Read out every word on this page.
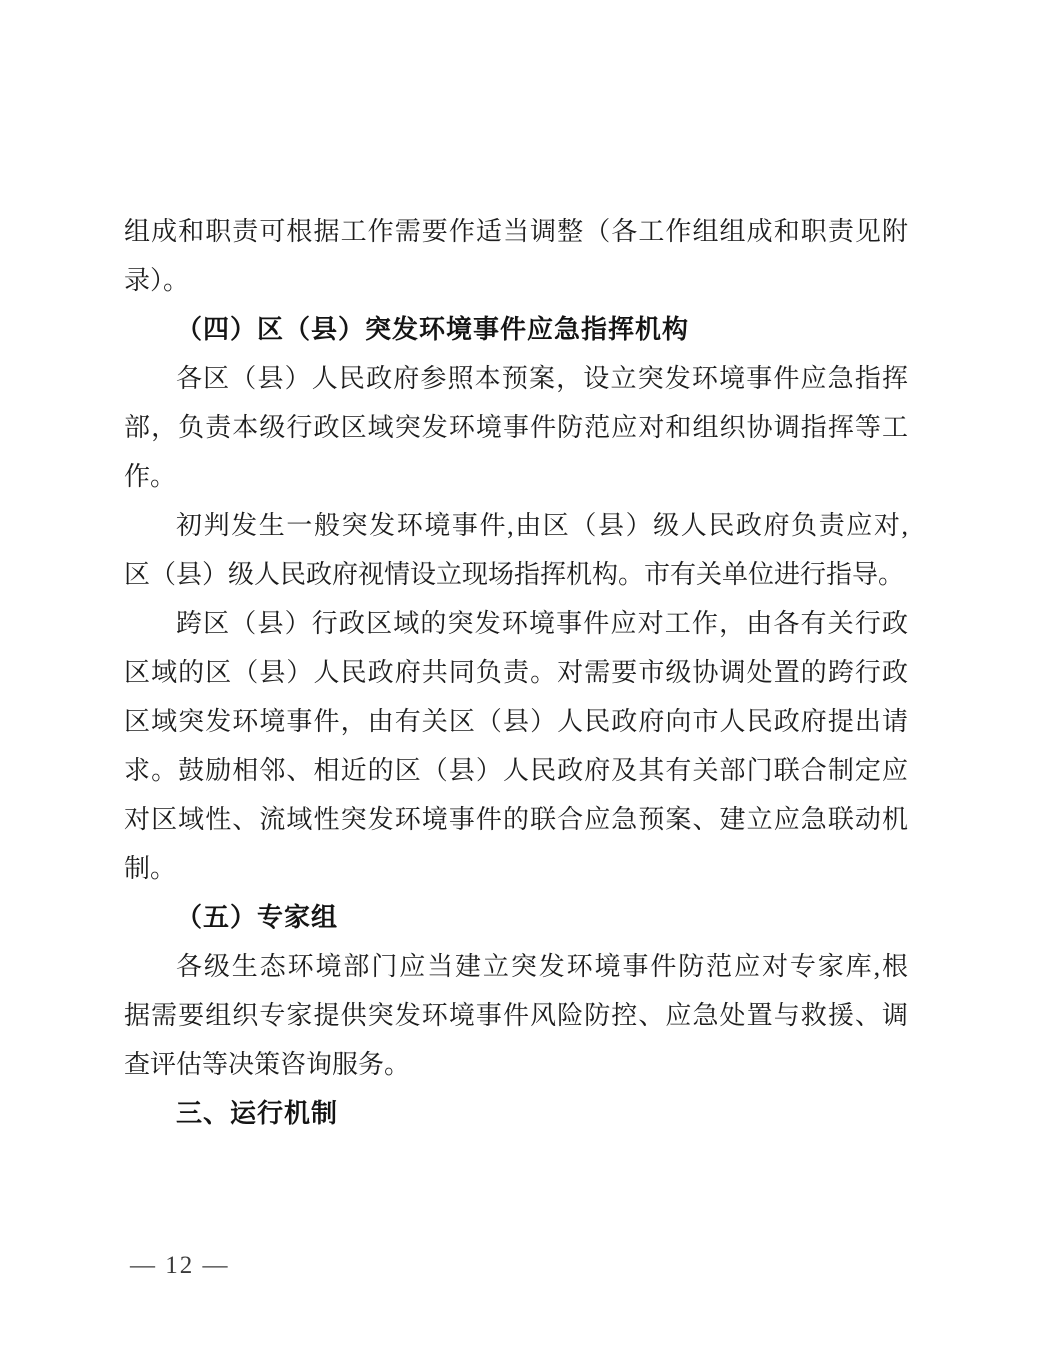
组成和职责可根据工作需要作适当调整（各工作组组成和职责见附
录）。
（四）区（县）突发环境事件应急指挥机构
各区（县）人民政府参照本预案，设立突发环境事件应急指挥
部，负责本级行政区域突发环境事件防范应对和组织协调指挥等工
作。
初判发生一般突发环境事件,由区（县）级人民政府负责应对,
区（县）级人民政府视情设立现场指挥机构。市有关单位进行指导。
跨区（县）行政区域的突发环境事件应对工作，由各有关行政
区域的区（县）人民政府共同负责。对需要市级协调处置的跨行政
区域突发环境事件，由有关区（县）人民政府向市人民政府提出请
求。鼓励相邻、相近的区（县）人民政府及其有关部门联合制定应
对区域性、流域性突发环境事件的联合应急预案、建立应急联动机
制。
（五）专家组
各级生态环境部门应当建立突发环境事件防范应对专家库,根
据需要组织专家提供突发环境事件风险防控、应急处置与救援、调
查评估等决策咨询服务。
三、运行机制
— 12 —
